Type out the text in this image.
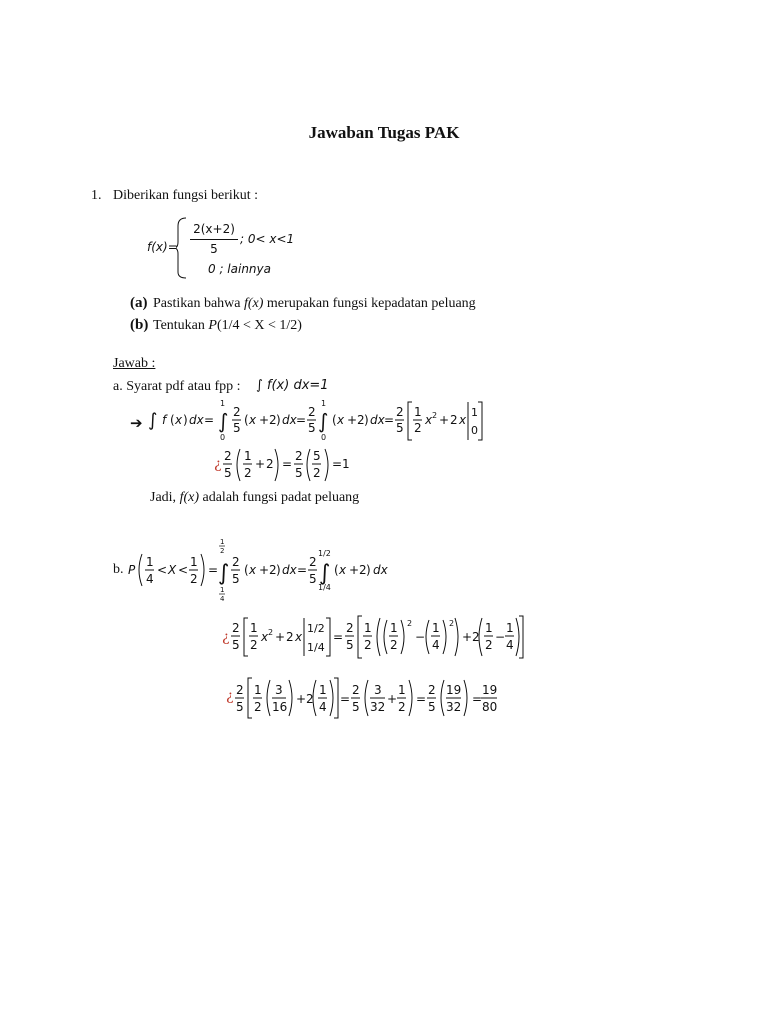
Jawaban Tugas PAK
1. Diberikan fungsi berikut :
f(x)=
2(x+2)
5
; 0< x<1
0 ; lainnya
(a) Pastikan bahwa f(x) merupakan fungsi kepadatan peluang
(b) Tentukan P(1/4 < X < 1/2)
Jawab :
a. Syarat pdf atau fpp : ∫ f(x) dx=1
➔ ∫ f ( x ) dx = ∫
1
0
2
5
( x + 2 ) dx =
2
5 ∫
1
0
( x + 2 ) dx =
2
5
1
2
x 2 + 2 x
1
0
¿ 2
5
1
2
+ 2 =
2
5
5
2
=1
Jadi, f(x) adalah fungsi padat peluang
b. P
1
4
< X <
1
2
= ∫
1
2
1
4
2
5
( x + 2 ) dx =
2
5 ∫
1/2
1/4
( x + 2 ) dx
¿
2
5
1
2
x 2 + 2 x
1/2
1/4
=
2
5
1
2
1
2
2
−
1
4
2
+2
1
2
−
1
4
¿ 2
5
1
2
3
16
+2
1
4
=
2
5
3
32
+
1
2
=
2
5
19
32
=
19
80
